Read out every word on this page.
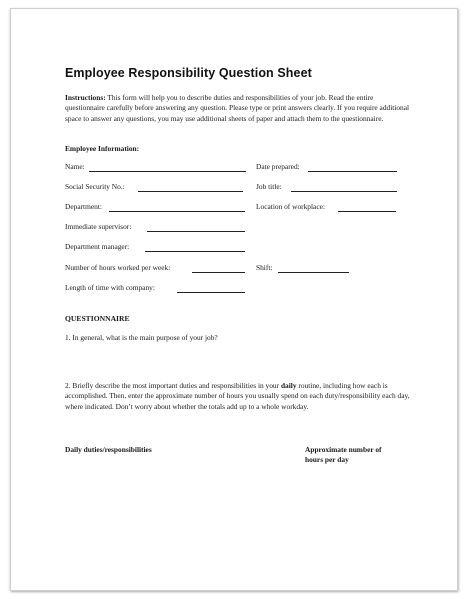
Employee Responsibility Question Sheet
Instructions: This form will help you to describe duties and responsibilities of your job. Read the entire questionnaire carefully before answering any question. Please type or print answers clearly. If you require additional space to answer any questions, you may use additional sheets of paper and attach them to the questionnaire.
Employee Information:
Name:	Date prepared:
Social Security No.:	Job title:
Department:	Location of workplace:
Immediate supervisor:
Department manager:
Number of hours worked per week:	Shift:
Length of time with company:
QUESTIONNAIRE
1. In general, what is the main purpose of your job?
2. Briefly describe the most important duties and responsibilities in your daily routine, including how each is accomplished. Then, enter the approximate number of hours you usually spend on each duty/responsibility each day, where indicated. Don’t worry about whether the totals add up to a whole workday.
Daily duties/responsibilities	Approximate number of hours per day
